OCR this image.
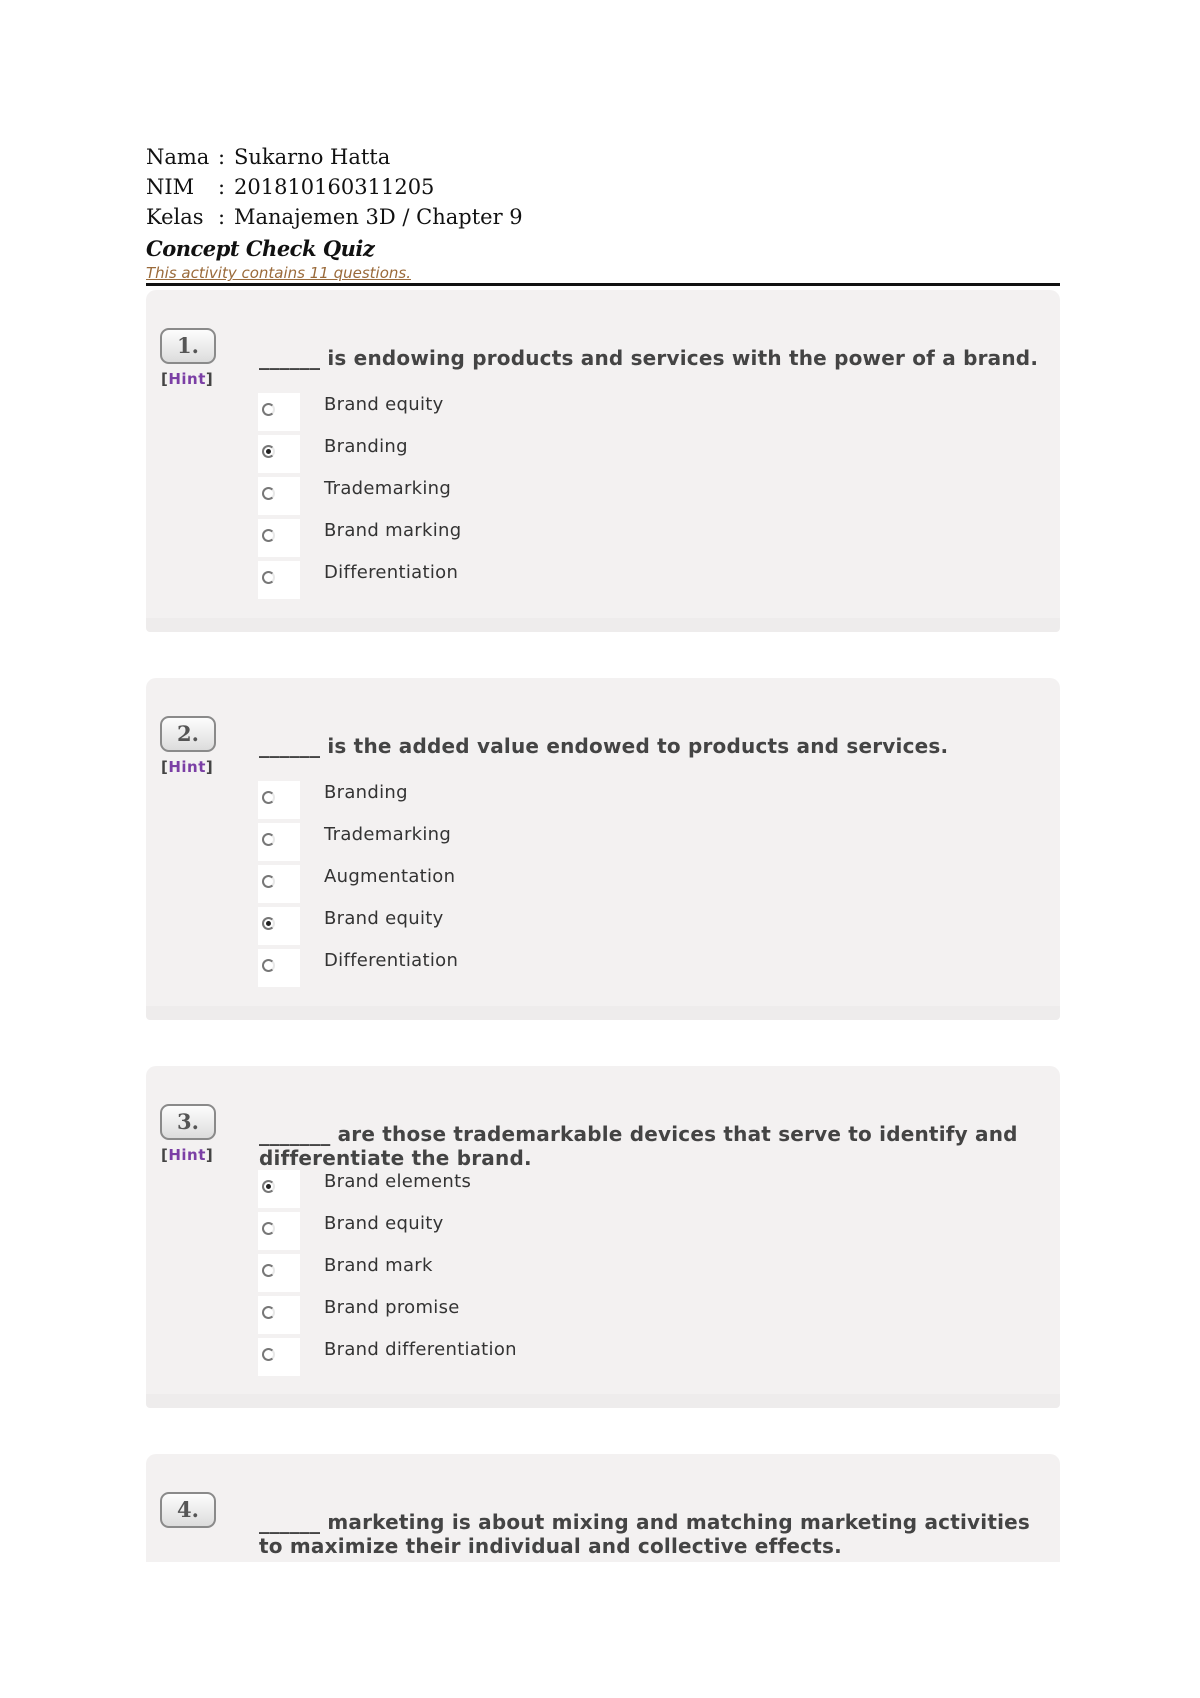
Nama : Sukarno Hatta
NIM : 201810160311205
Kelas : Manajemen 3D / Chapter 9
Concept Check Quiz
This activity contains 11 questions.
1.
[Hint]
______ is endowing products and services with the power of a brand.
Brand equity
Branding
Trademarking
Brand marking
Differentiation
2.
[Hint]
______ is the added value endowed to products and services.
Branding
Trademarking
Augmentation
Brand equity
Differentiation
3.
[Hint]
_______ are those trademarkable devices that serve to identify and differentiate the brand.
Brand elements
Brand equity
Brand mark
Brand promise
Brand differentiation
4.	______ marketing is about mixing and matching marketing activities to maximize their individual and collective effects.
